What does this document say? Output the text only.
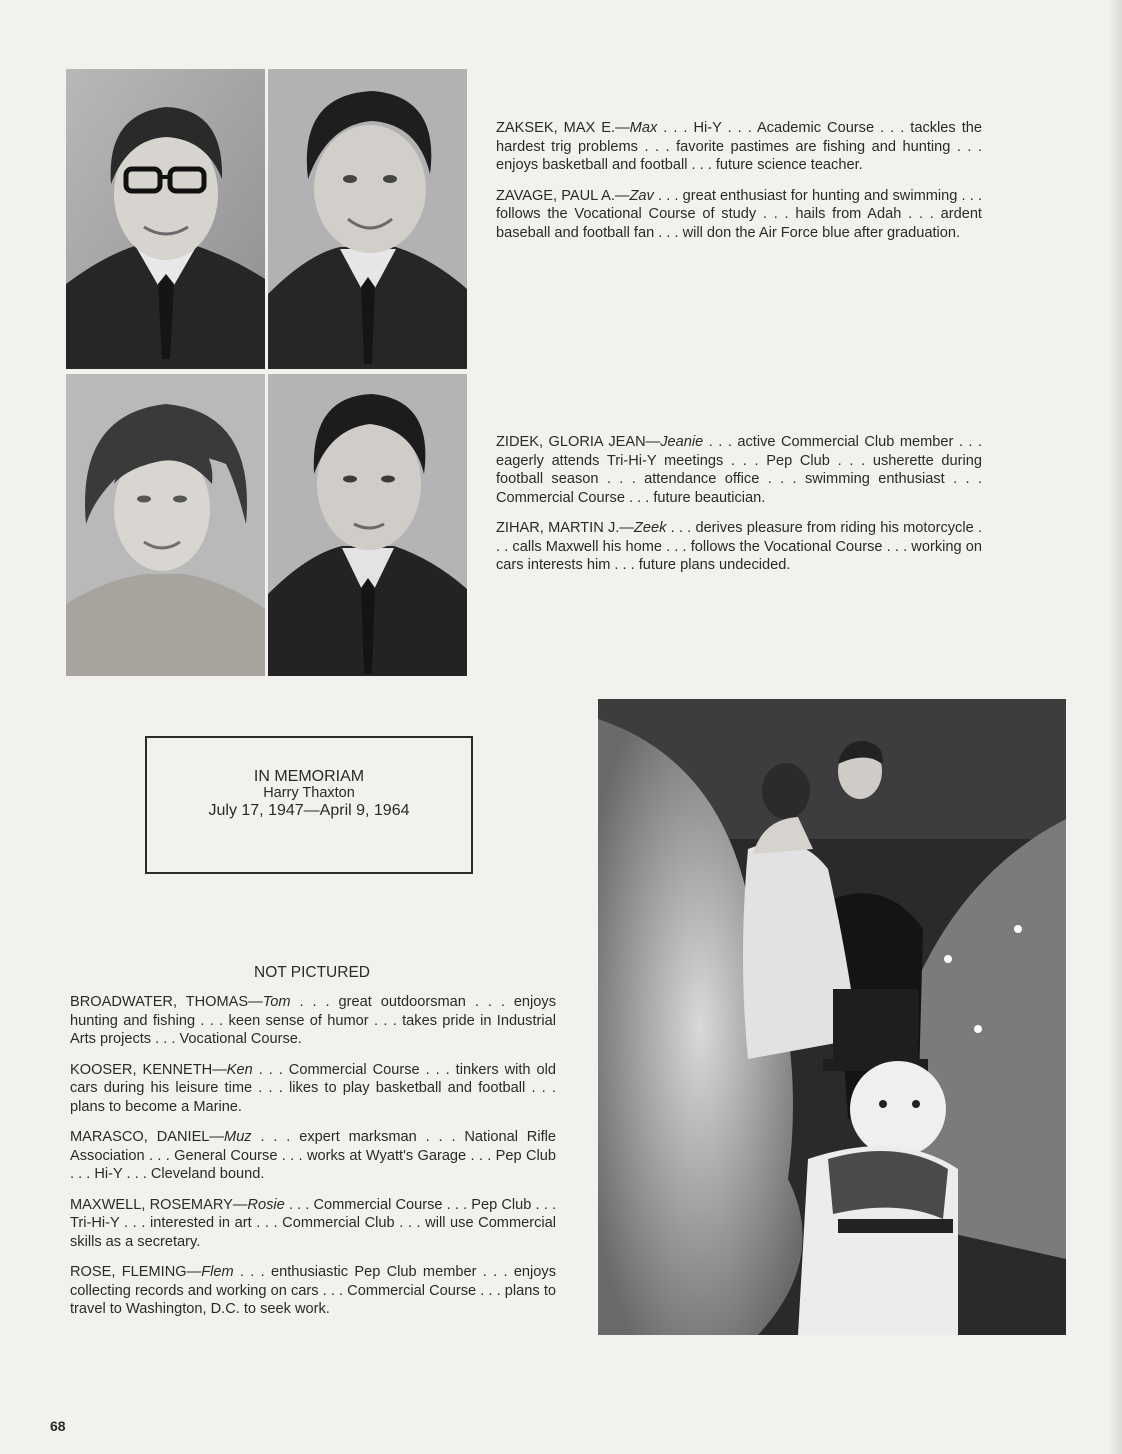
ZAKSEK, MAX E.—Max . . . Hi-Y . . . Academic Course . . . tackles the hardest trig problems . . . favorite pastimes are fishing and hunting . . . enjoys basketball and football . . . future science teacher.

ZAVAGE, PAUL A.—Zav . . . great enthusiast for hunting and swimming . . . follows the Vocational Course of study . . . hails from Adah . . . ardent baseball and football fan . . . will don the Air Force blue after graduation.

ZIDEK, GLORIA JEAN—Jeanie . . . active Commercial Club member . . . eagerly attends Tri-Hi-Y meetings . . . Pep Club . . . usherette during football season . . . attendance office . . . swimming enthusiast . . . Commercial Course . . . future beautician.

ZIHAR, MARTIN J.—Zeek . . . derives pleasure from riding his motorcycle . . . calls Maxwell his home . . . follows the Vocational Course . . . working on cars interests him . . . future plans undecided.

IN MEMORIAM
Harry Thaxton
July 17, 1947—April 9, 1964
NOT PICTURED

BROADWATER, THOMAS—Tom . . . great outdoorsman . . . enjoys hunting and fishing . . . keen sense of humor . . . takes pride in Industrial Arts projects . . . Vocational Course.

KOOSER, KENNETH—Ken . . . Commercial Course . . . tinkers with old cars during his leisure time . . . likes to play basketball and football . . . plans to become a Marine.

MARASCO, DANIEL—Muz . . . expert marksman . . . National Rifle Association . . . General Course . . . works at Wyatt's Garage . . . Pep Club . . . Hi-Y . . . Cleveland bound.

MAXWELL, ROSEMARY—Rosie . . . Commercial Course . . . Pep Club . . . Tri-Hi-Y . . . interested in art . . . Commercial Club . . . will use Commercial skills as a secretary.

ROSE, FLEMING—Flem . . . enthusiastic Pep Club member . . . enjoys collecting records and working on cars . . . Commercial Course . . . plans to travel to Washington, D.C. to seek work.

68
